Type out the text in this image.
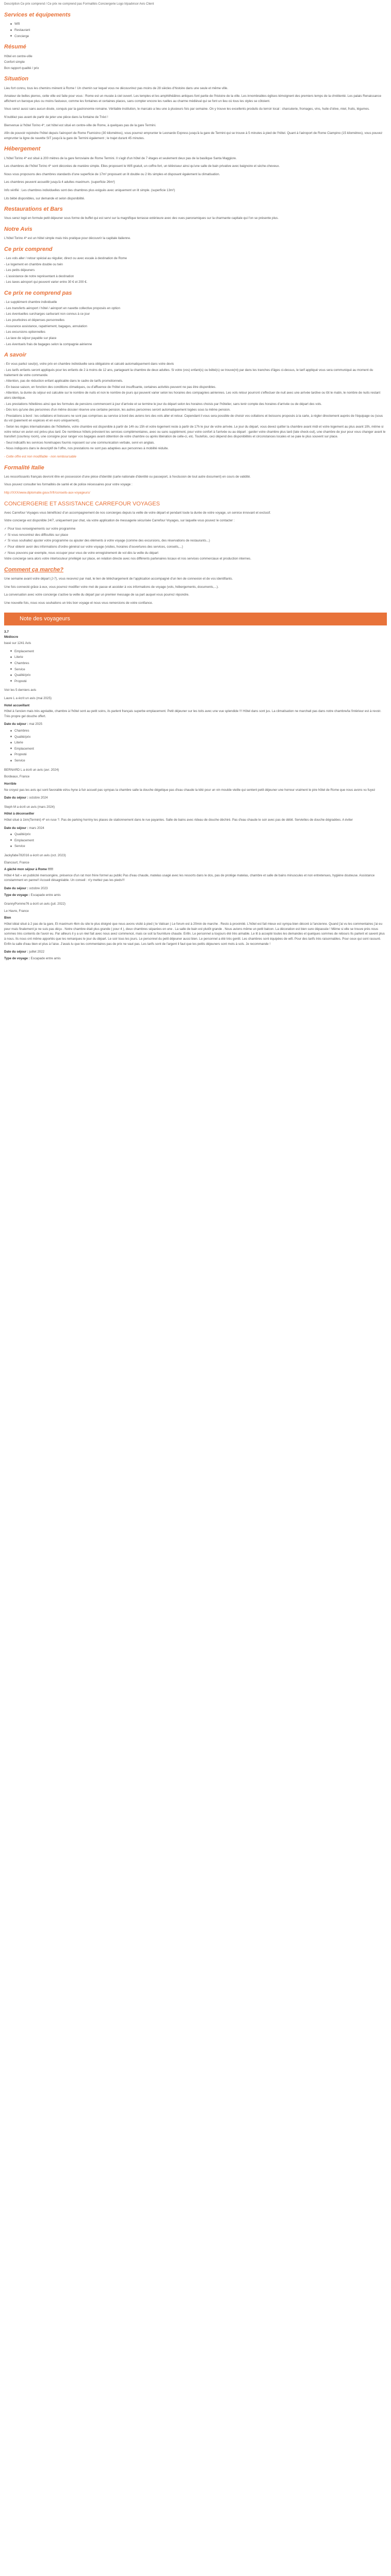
Description Ce prix comprend / Ce prix ne comprend pas Formalités Conciergerie Logo tripadvisor Avis Client
Services et équipements
Wifi
Restaurant
Concierge
Résumé

Hôtel en centre-ville

Confort simple

Bon rapport qualité / prix

Situation

Lieu fort connu, tous les chemins mènent à Rome ! Un chemin sur lequel vous ne découvrirez pas moins de 28 siècles d'histoire dans une seule et même ville.

Amateur de belles pierres, cette ville est faite pour vous : Rome est un musée à ciel ouvert. Les temples et les amphithéâtres antiques font partie de l'histoire de la ville. Les innombrables églises témoignent des premiers temps de la chrétienté. Les palais Renaissance affichent un baroque plus ou moins fastueux, comme les fontaines et certaines places, sans compter encore les ruelles au charme médiéval qui se font un lieu où tous les styles se côtoient.

Vous serez aussi sans aucun doute, conquis par la gastronomie romaine. Véritable institution, le marcato a lieu une à plusieurs fois par semaine. On y trouve les excellents produits du terroir local : charcuterie, fromages, vins, huile d'olive, miel, fruits, légumes.

N'oubliez pas avant de partir de jeter une pièce dans la fontaine de Trévi !

Bienvenue à l'hôtel Torino 4*, cet hôtel est situé en centre-ville de Rome, à quelques pas de la gare Termini.

Afin de pouvoir rejoindre l'hôtel depuis l'aéroport de Rome Fiumicino (30 kilomètres), vous pourrez emprunter le Leonardo Express jusqu'à la gare de Termini qui se trouve à 5 minutes à pied de l'hôtel. Quant à l'aéroport de Rome Ciampino (15 kilomètres), vous pouvez emprunter la ligne de navette SIT jusqu'à la gare de Termini également ; le trajet durant 45 minutes.

Hébergement

L'hôtel Torino 4* est situé à 200 mètres de la gare ferroviaire de Rome Termini. Il s'agit d'un hôtel de 7 étages et seulement deux pas de la basilique Santa Maggiore.

Les chambres de l'hôtel Torino 4* sont décorées de manière simple. Elles proposent le Wifi gratuit, un coffre-fort, un téléviseur ainsi qu'une salle de bain privative avec baignoire et sèche-cheveux.

Nous vous proposons des chambres standards d'une superficie de 17m² proposant un lit double ou 2 lits simples et disposant également la climatisation.

Les chambres peuvent accueillir jusqu'à 4 adultes maximum. (superficie 26m²)

Info vérifié : Les chambres individuelles sont des chambres plus exiguës avec uniquement un lit simple. (superficie 13m²)

Lits bébé disponibles, sur demande et selon disponibilité.

Restaurations et Bars

Vous serez logé en formule petit déjeuner sous forme de buffet qui est servi sur la magnifique terrasse extérieure avec des vues panoramiques sur la charmante capitale qui l'on se présente plus.

Notre Avis

L'hôtel Torino 4* est un hôtel simple mais très pratique pour découvrir la capitale italienne.

Ce prix comprend

- Les vols aller / retour spécial au régulier, direct ou avec escale à destination de Rome

- Le logement en chambre double ou twin

- Les petits déjeuners

- L'assistance de notre représentant à destination

- Les taxes aéroport qui peuvent varier entre 30 € et 200 €.

Ce prix ne comprend pas

- Le supplément chambre individuelle

- Les transferts aéroport / hôtel / aéroport en navette collective proposés en option

- Les éventuelles surcharges carburant non connus à ce jour

- Les pourboires et dépenses personnelles

- Assurance assistance, rapatriement, bagages, annulation

- Les excursions optionnelles

- La taxe de séjour payable sur place

- Les éventuels frais de bagages selon la compagnie aérienne

A savoir

- En vous parlez seul(e), votre prix en chambre individuelle sera obligatoire et calculé automatiquement dans votre devis

- Les tarifs enfants seront appliqués pour les enfants de 2 à moins de 12 ans, partageant la chambre de deux adultes. Si votre (vos) enfant(s) ou bébé(s) se trouve(nt) par dans les tranches d'âges ci-dessus, le tarif appliqué vous sera communiqué au moment du traitement de votre commande.

- Attention, pas de réduction enfant applicable dans le cadre de tarifs promotionnels.

- En basse saison, en fonction des conditions climatiques, ou d'affluence de l'hôtel est insuffisante, certaines activités peuvent ne pas être disponibles.

- Attention, la durée du séjour est calculée sur le nombre de nuits et non le nombre de jours qui peuvent varier selon les horaires des compagnies aériennes. Les vols retour pourront s'effectuer de nuit avec une arrivée tardive ou tôt le matin, le nombre de nuits restant alors identique.

- Les prestations hôtelières ainsi que les formules de pensions commencent à jour d'arrivée et se termine le jour du départ selon les horaires choisis par l'hôtelier, sans tenir compte des horaires d'arrivée ou de départ des vols.

- Dès lors qu'une des personnes d'un même dossier réserve une certaine pension, les autres personnes seront automatiquement logées sous la même pension.

- Prestations à bord : les collations et boissons ne sont pas comprises au service à bord des avions lors des vols aller et retour. Cependant il vous sera possible de choisir vos collations et boissons proposés à la carte, à régler directement auprès de l'équipage ou (sous du vol (paiement en espèces et en euro uniquement).

- Selon les règles internationales de l'hôtellerie, votre chambre est disponible à partir de 14h ou 15h et votre logement reste à partir de 17h le jour de votre arrivée. Le jour du départ, vous devez quitter la chambre avant midi et votre logement au plus avant 10h, même si votre retour en avion est prévu plus tard. De nombreux hôtels prévoient les services complémentaires, avec ou sans supplément, pour votre confort à l'arrivée ou au départ : garder votre chambre plus tard (late check-out), une chambre de jour pour vous changer avant le transfert (courtesy room), une consigne pour ranger vos bagages avant obtention de votre chambre ou après libération de celle-ci, etc. Toutefois, ceci dépend des disponibilités et circonstances locales et se paie le plus souvent sur place.

- Seul indicatifs les services horel/uapes fournis reposent sur une communication verbale, servi en anglais.

- Nous indiquons dans le descriptif de l'offre, nos prestations ne sont pas adaptées aux personnes à mobilité réduite.

- Cette offre est non modifiable - non remboursable

Formalité Italie

Les ressortissants français devront être en possession d'une pièce d'identité (carte nationale d'identité ou passeport, à l'exclusion de tout autre document) en cours de validité.

Vous pouvez consulter les formalités de santé et de police nécessaires pour votre voyage :

http://XXX/www.diplomatie.gouv.fr/fr/conseils-aux-voyageurs/

CONCIERGERIE ET ASSISTANCE CARREFOUR VOYAGES

Avec Carrefour Voyages vous bénéficiez d'un accompagnement de nos concierges depuis la veille de votre départ et pendant toute la durée de votre voyage, un service innovant et exclusif.

Votre concierge est disponible 24/7, uniquement par chat, via votre application de messagerie sécurisée Carrefour Voyages, sur laquelle vous pouvez le contacter :

✓ Pour tous renseignements sur votre programme

✓ Si vous rencontrez des difficultés sur place

✓ Si vous souhaitez ajuster votre programme ou ajouter des éléments à votre voyage (comme des excursions, des réservations de restaurants...)

✓ Pour obtenir avoir des informations d'ordre général sur votre voyage (visites, horaires d'ouvertures des services, conseils,...)

✓ Nous pouvons par exemple, nous occuper pour vous de votre enregistrement de vol dès la veille du départ

Votre concierge sera alors votre interlocuteur privilégié sur place, en relation directe avec nos différents partenaires locaux et nos services commerciaux et production internes.

Comment ça marche?

Une semaine avant votre départ (J-7), vous recevrez par mail, le lien de téléchargement de l'application accompagné d'un lien de connexion et de vos identifiants.

Une fois connecté grâce à eux, vous pourrez modifier votre mot de passe et accéder à vos informations de voyage (vols, hébergements, documents,...).

La conversation avec votre concierge s'active la veille du départ par un premier message de sa part auquel vous pourrez répondre.

Une nouvelle fois, nous vous souhaitons un très bon voyage et nous vous remercions de votre confiance.

Note des voyageurs
3.7
Médiocre

basé sur 1241 Avis

Emplacement
Literie
Chambres
Service
Qualité/prix
Propreté

Voir les 5 derniers avis

Laure L a écrit un avis (mai 2025)

Hotel accueillant

Hôtel à l'ancien mais très agréable, chambre à l'hôtel sont au petit soins, ils parlent français superbe emplacement. Petit déjeuner sur les toits avec une vue splendide !!! Hôtel dans sont jus. La climatisation ne marchait pas dans notre chambre/la l'intérieur est à revoir. Très propre gel douche offert.

Date du séjour : mai 2025

Chambres
Qualité/prix
Literie
Emplacement
Propreté
Service

BERNARD L a écrit un avis (avr. 2024)

Bordeaux, France

Horrible

Ne croyez pas les avis qui sont favorable et/ou hyne à fuir accueil pas sympas la chambre salle la douche dégelique pas d'eau chaude la télé pour un vin moulde vieille qui sentent petit déjeuner une horreur vraiment le pire hôtel de Rome que nous avons vu fuyez

Date du séjour : octobre 2024

Steph M a écrit un avis (mars 2024)

Hôtel à déconseiller

Hôtel situé à 1km(Termini) 4* en ruse ?. Pas de parking horriny les places de stationnement dans le rue payantes. Salle de bains avec rideau de douche déchiré. Pas d'eau chaude le soir avec pas de débit. Serviettes de douche dégradées. A éviter

Date du séjour : mars 2024

Qualité/prix
Emplacement
Service

Jackyfabe782016 a écrit un avis (oct. 2023)

Elancourt, France

A gâché mon séjour à Rome !!!!!

Hôtel 4 fait « en publicité mensongère, présence d'un rat mon frère formel au public Pas d'eau chaude, matelas usagé avec les ressorts dans le dos, pas de protège matelas, chambre et salle de bains minuscules et non entretenues, hygiène douteuse. Assistance constamment en panne!! Accueil désagréable. Un conseil : n'y mettez pas les pieds!!!

Date du séjour : octobre 2023

Type de voyage : Escapade entre amis

GrannyPomme76 a écrit un avis (juil. 2022)

Le Havre, France

Bien

Hôtel idéal situé à 2 pas de la gare, Et maximum 4km du site le plus éloigné que nous avons visité à pied ( le Vatican ) Le forum est à 20min de marche . Resto à proximité. L'hôtel est fait mieux est sympa bien décoré à l'ancienne. Quand j'ai vu les commentaires j'ai eu peur mais finalement je ne suis pas déçu . Notre chambre était plus grande ( pour 4 ), deux chambres séparées en une . La salle de bain est plutôt grande . Nous avions même un petit balcon. La décoration est bien sure dépassée ! Même si elle se trouve près nous sommes très contents de l'avoir eu. Par ailleurs il y a un réel fait avec nous avez commencé, mais ce soit la fourniture chaude. Enfin. Le personnel a toujours été très aimable. Le lit à accepté toutes les demandes et quelques sommes de rebours Ils parlent et savent plus à nous. Ils nous ont même apportés que les remarques le jour du départ. Le soir tous les jours. Le personnel du petit déjeuner aussi bien. Le personnel a été très gentil. Les chambres sont équipées de wifi. Pour des tarifs très raisonnables. Pour ceux qui sont rassuré. Enfin la salle d'eau bien et plus à l'aise. J'avais lu que les commentaires pas de prix ne vaut pas. Les tarifs sont de l'argent il faut que les petits déjeuners sont mots à sols. Je recommande !

Date du séjour : juillet 2022

Type de voyage : Escapade entre amis
